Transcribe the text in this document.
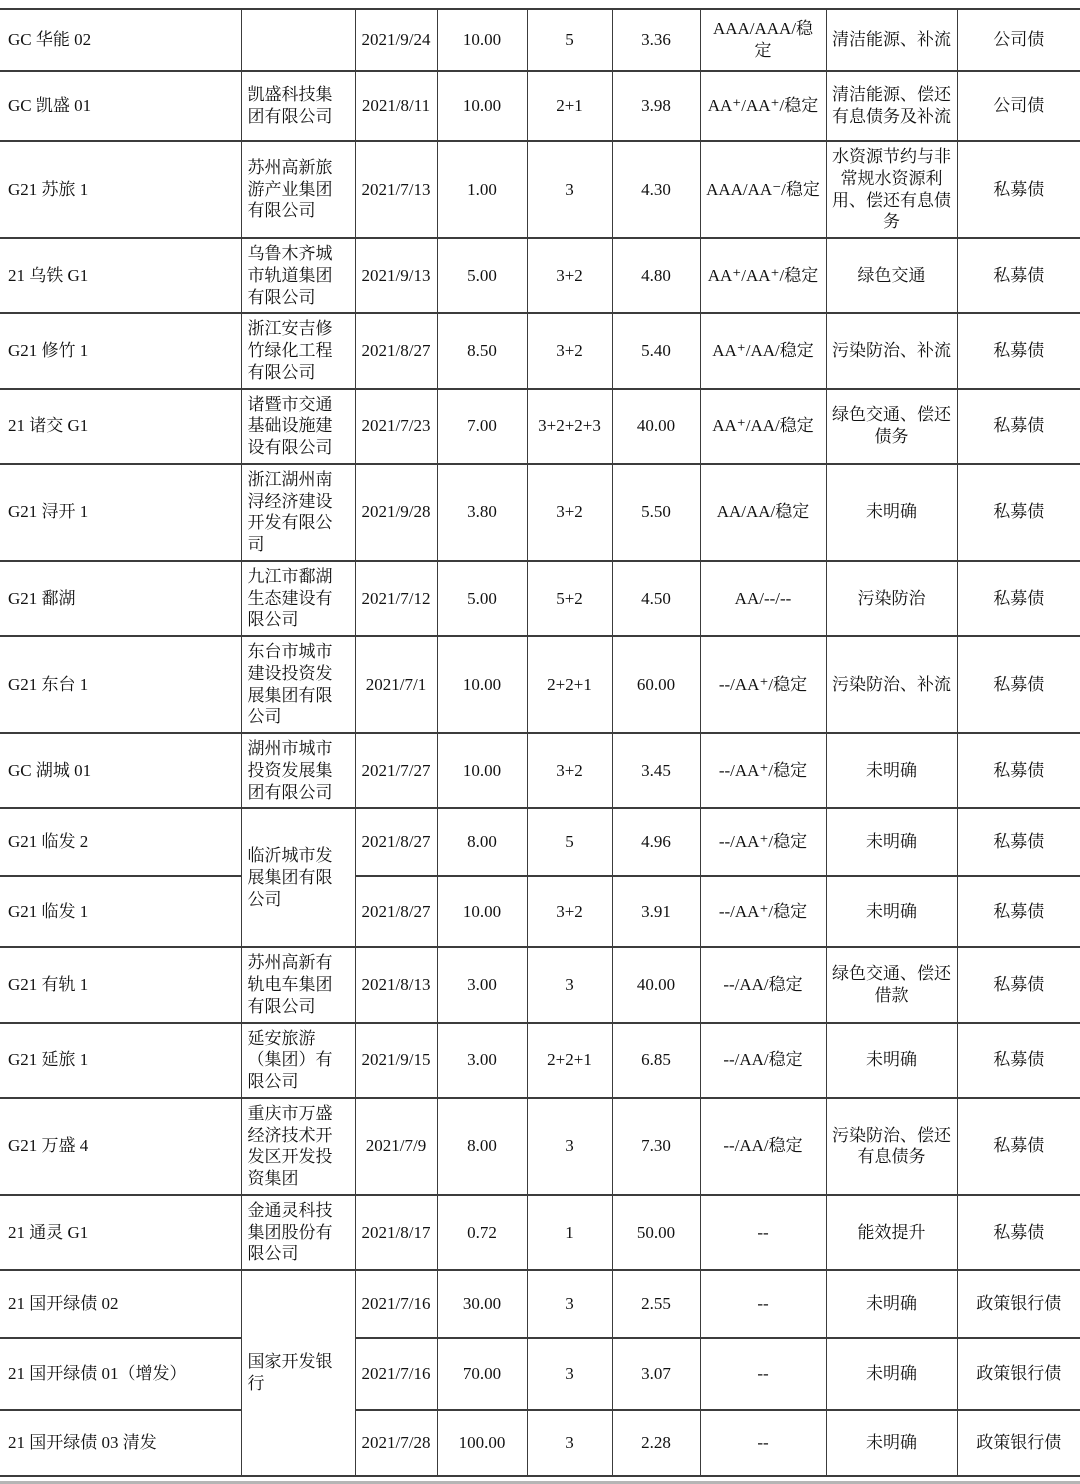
GC 华能 02		2021/9/24	10.00	5	3.36	AAA/AAA/稳定	清洁能源、补流	公司债
GC 凯盛 01	凯盛科技集团有限公司	2021/8/11	10.00	2+1	3.98	AA⁺/AA⁺/稳定	清洁能源、偿还有息债务及补流	公司债
G21 苏旅 1	苏州高新旅游产业集团有限公司	2021/7/13	1.00	3	4.30	AAA/AA⁻/稳定	水资源节约与非常规水资源利用、偿还有息债务	私募债
21 乌铁 G1	乌鲁木齐城市轨道集团有限公司	2021/9/13	5.00	3+2	4.80	AA⁺/AA⁺/稳定	绿色交通	私募债
G21 修竹 1	浙江安吉修竹绿化工程有限公司	2021/8/27	8.50	3+2	5.40	AA⁺/AA/稳定	污染防治、补流	私募债
21 诸交 G1	诸暨市交通基础设施建设有限公司	2021/7/23	7.00	3+2+2+3	40.00	AA⁺/AA/稳定	绿色交通、偿还债务	私募债
G21 浔开 1	浙江湖州南浔经济建设开发有限公司	2021/9/28	3.80	3+2	5.50	AA/AA/稳定	未明确	私募债
G21 鄱湖	九江市鄱湖生态建设有限公司	2021/7/12	5.00	5+2	4.50	AA/--/--	污染防治	私募债
G21 东台 1	东台市城市建设投资发展集团有限公司	2021/7/1	10.00	2+2+1	60.00	--/AA⁺/稳定	污染防治、补流	私募债
GC 湖城 01	湖州市城市投资发展集团有限公司	2021/7/27	10.00	3+2	3.45	--/AA⁺/稳定	未明确	私募债
G21 临发 2	临沂城市发展集团有限公司	2021/8/27	8.00	5	4.96	--/AA⁺/稳定	未明确	私募债
G21 临发 1		2021/8/27	10.00	3+2	3.91	--/AA⁺/稳定	未明确	私募债
G21 有轨 1	苏州高新有轨电车集团有限公司	2021/8/13	3.00	3	40.00	--/AA/稳定	绿色交通、偿还借款	私募债
G21 延旅 1	延安旅游（集团）有限公司	2021/9/15	3.00	2+2+1	6.85	--/AA/稳定	未明确	私募债
G21 万盛 4	重庆市万盛经济技术开发区开发投资集团	2021/7/9	8.00	3	7.30	--/AA/稳定	污染防治、偿还有息债务	私募债
21 通灵 G1	金通灵科技集团股份有限公司	2021/8/17	0.72	1	50.00	--	能效提升	私募债
21 国开绿债 02	国家开发银行	2021/7/16	30.00	3	2.55	--	未明确	政策银行债
21 国开绿债 01（增发）		2021/7/16	70.00	3	3.07	--	未明确	政策银行债
21 国开绿债 03 清发		2021/7/28	100.00	3	2.28	--	未明确	政策银行债
